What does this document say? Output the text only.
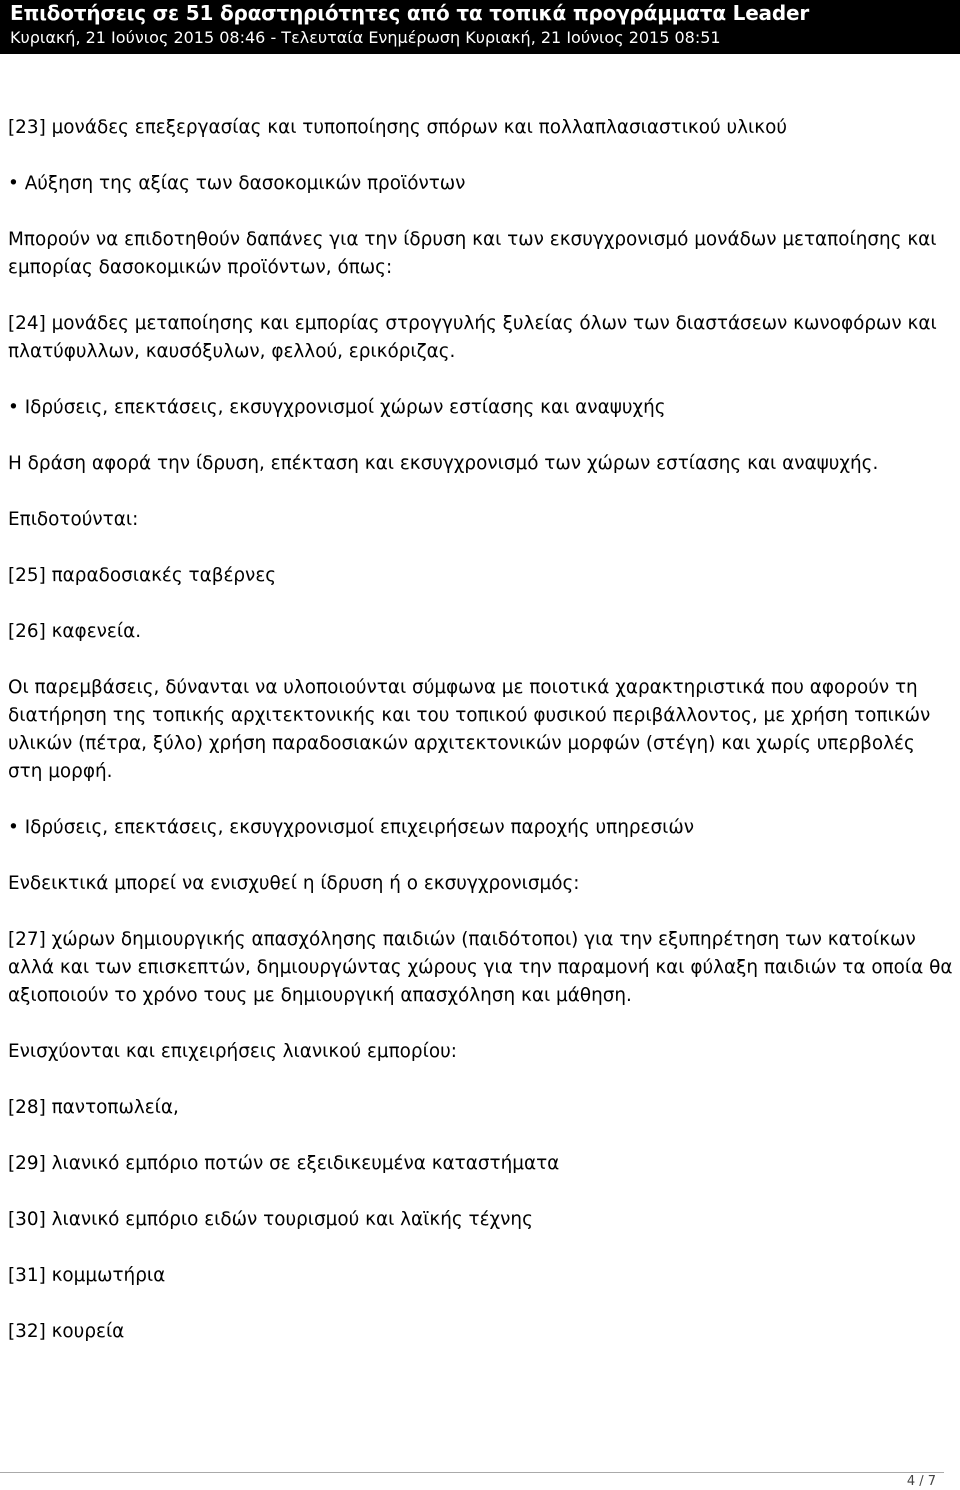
Επιδοτήσεις σε 51 δραστηριότητες από τα τοπικά προγράμματα Leader
Κυριακή, 21 Ιούνιος 2015 08:46 - Τελευταία Ενημέρωση Κυριακή, 21 Ιούνιος 2015 08:51

[23] μονάδες επεξεργασίας και τυποποίησης σπόρων και πολλαπλασιαστικού υλικού

• Αύξηση της αξίας των δασοκομικών προϊόντων

Μπορούν να επιδοτηθούν δαπάνες για την ίδρυση και των εκσυγχρονισμό μονάδων μεταποίησης και εμπορίας δασοκομικών προϊόντων, όπως:

[24] μονάδες μεταποίησης και εμπορίας στρογγυλής ξυλείας όλων των διαστάσεων κωνοφόρων και πλατύφυλλων, καυσόξυλων, φελλού, ερικόριζας.

• Ιδρύσεις, επεκτάσεις, εκσυγχρονισμοί χώρων εστίασης και αναψυχής

Η δράση αφορά την ίδρυση, επέκταση και εκσυγχρονισμό των χώρων εστίασης και αναψυχής.

Επιδοτούνται:

[25] παραδοσιακές ταβέρνες

[26] καφενεία.

Οι παρεμβάσεις, δύνανται να υλοποιούνται σύμφωνα με ποιοτικά χαρακτηριστικά που αφορούν τη διατήρηση της τοπικής αρχιτεκτονικής και του τοπικού φυσικού περιβάλλοντος, με χρήση τοπικών υλικών (πέτρα, ξύλο) χρήση παραδοσιακών αρχιτεκτονικών μορφών (στέγη) και χωρίς υπερβολές στη μορφή.

• Ιδρύσεις, επεκτάσεις, εκσυγχρονισμοί επιχειρήσεων παροχής υπηρεσιών

Ενδεικτικά μπορεί να ενισχυθεί η ίδρυση ή ο εκσυγχρονισμός:

[27] χώρων δημιουργικής απασχόλησης παιδιών (παιδότοποι) για την εξυπηρέτηση των κατοίκων αλλά και των επισκεπτών, δημιουργώντας χώρους για την παραμονή και φύλαξη παιδιών τα οποία θα αξιοποιούν το χρόνο τους με δημιουργική απασχόληση και μάθηση.

Ενισχύονται και επιχειρήσεις λιανικού εμπορίου:

[28] παντοπωλεία,

[29] λιανικό εμπόριο ποτών σε εξειδικευμένα καταστήματα

[30] λιανικό εμπόριο ειδών τουρισμού και λαϊκής τέχνης

[31] κομμωτήρια

[32] κουρεία

4 / 7
